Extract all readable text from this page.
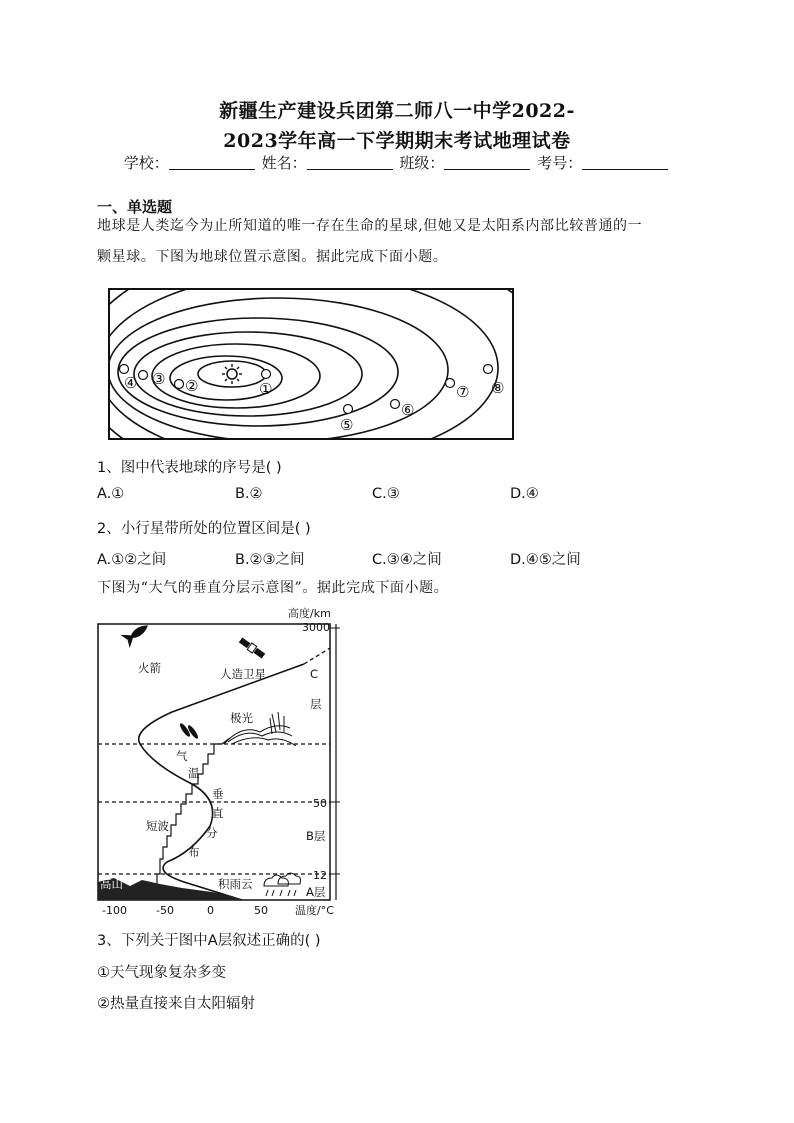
新疆生产建设兵团第二师八一中学2022-
2023学年高一下学期期末考试地理试卷
学校：	姓名：	班级：	考号：
一、单选题
地球是人类迄今为止所知道的唯一存在生命的星球,但她又是太阳系内部比较普通的一
颗星球。下图为地球位置示意图。据此完成下面小题。
①
②
③
④
⑤
⑥
⑦ ⑧
1、图中代表地球的序号是( )
A.①	B.②	C.③	D.④
2、小行星带所处的位置区间是( )
A.①②之间	B.②③之间	C.③④之间	D.④⑤之间
下图为“大气的垂直分层示意图”。据此完成下面小题。
高度/km
3000
50
12
-100	-50	0	50 温度/°C
火箭	人造卫星
极光
C
层
B层
A层
气
温
垂
直
分
布
短波
积雨云
高山
3、下列关于图中A层叙述正确的( )
①天气现象复杂多变
②热量直接来自太阳辐射
